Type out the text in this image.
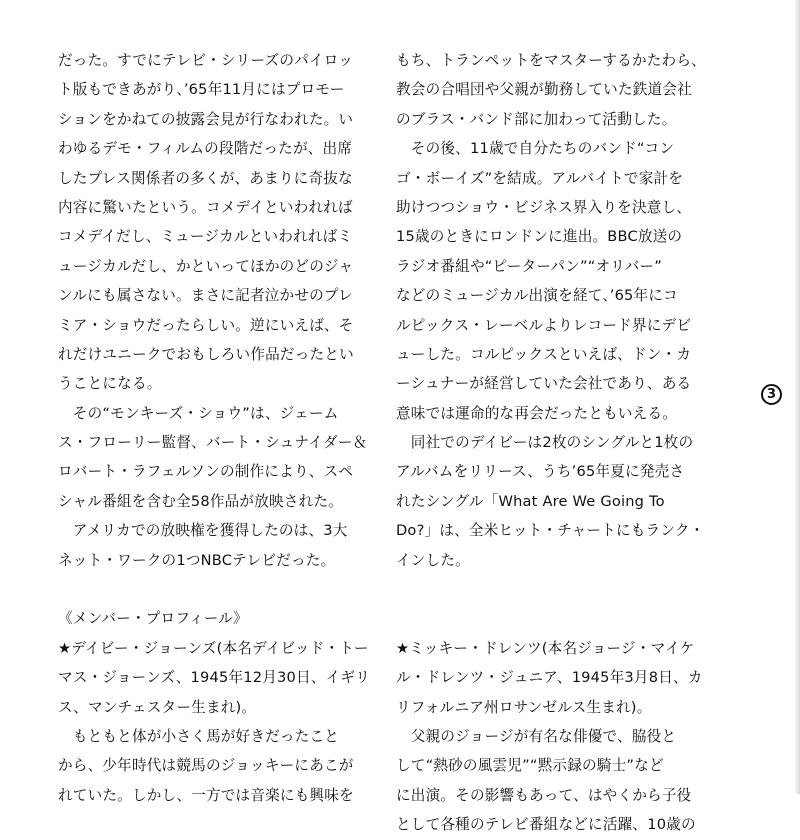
だった。すでにテレビ・シリーズのパイロッ
ト版もできあがり、’65年11月にはプロモー
ションをかねての披露会見が行なわれた。い
わゆるデモ・フィルムの段階だったが、出席
したプレス関係者の多くが、あまりに奇抜な
内容に驚いたという。コメデイといわれれば
コメデイだし、ミュージカルといわれればミ
ュージカルだし、かといってほかのどのジャ
ンルにも属さない。まさに記者泣かせのプレ
ミア・ショウだったらしい。逆にいえば、そ
れだけユニークでおもしろい作品だったとい
うことになる。
　その“モンキーズ・ショウ”は、ジェーム
ス・フローリー監督、バート・シュナイダー＆
ロバート・ラフェルソンの制作により、スペ
シャル番組を含む全58作品が放映された。
　アメリカでの放映権を獲得したのは、3大
ネット・ワークの1つNBCテレビだった。
《メンバー・プロフィール》
★デイビー・ジョーンズ(本名デイビッド・トー
マス・ジョーンズ、1945年12月30日、イギリ
ス、マンチェスター生まれ)。
　もともと体が小さく馬が好きだったこと
から、少年時代は競馬のジョッキーにあこが
れていた。しかし、一方では音楽にも興味を
もち、トランペットをマスターするかたわら、
教会の合唱団や父親が勤務していた鉄道会社
のブラス・バンド部に加わって活動した。
　その後、11歳で自分たちのバンド“コン
ゴ・ボーイズ”を結成。アルバイトで家計を
助けつつショウ・ビジネス界入りを決意し、
15歳のときにロンドンに進出。BBC放送の
ラジオ番組や“ピーターパン”“オリバー”
などのミュージカル出演を経て、’65年にコ
ルピックス・レーベルよりレコード界にデビ
ューした。コルピックスといえば、ドン・カ
ーシュナーが経営していた会社であり、ある
意味では運命的な再会だったともいえる。
　同社でのデイビーは2枚のシングルと1枚の
アルバムをリリース、うち’65年夏に発売さ
れたシングル「What Are We Going To
Do?」は、全米ヒット・チャートにもランク・
インした。
★ミッキー・ドレンツ(本名ジョージ・マイケ
ル・ドレンツ・ジュニア、1945年3月8日、カ
リフォルニア州ロサンゼルス生まれ)。
　父親のジョージが有名な俳優で、脇役と
して“熱砂の風雲児”“黙示録の騎士”など
に出演。その影響もあって、はやくから子役
として各種のテレビ番組などに活躍、10歳の
3
